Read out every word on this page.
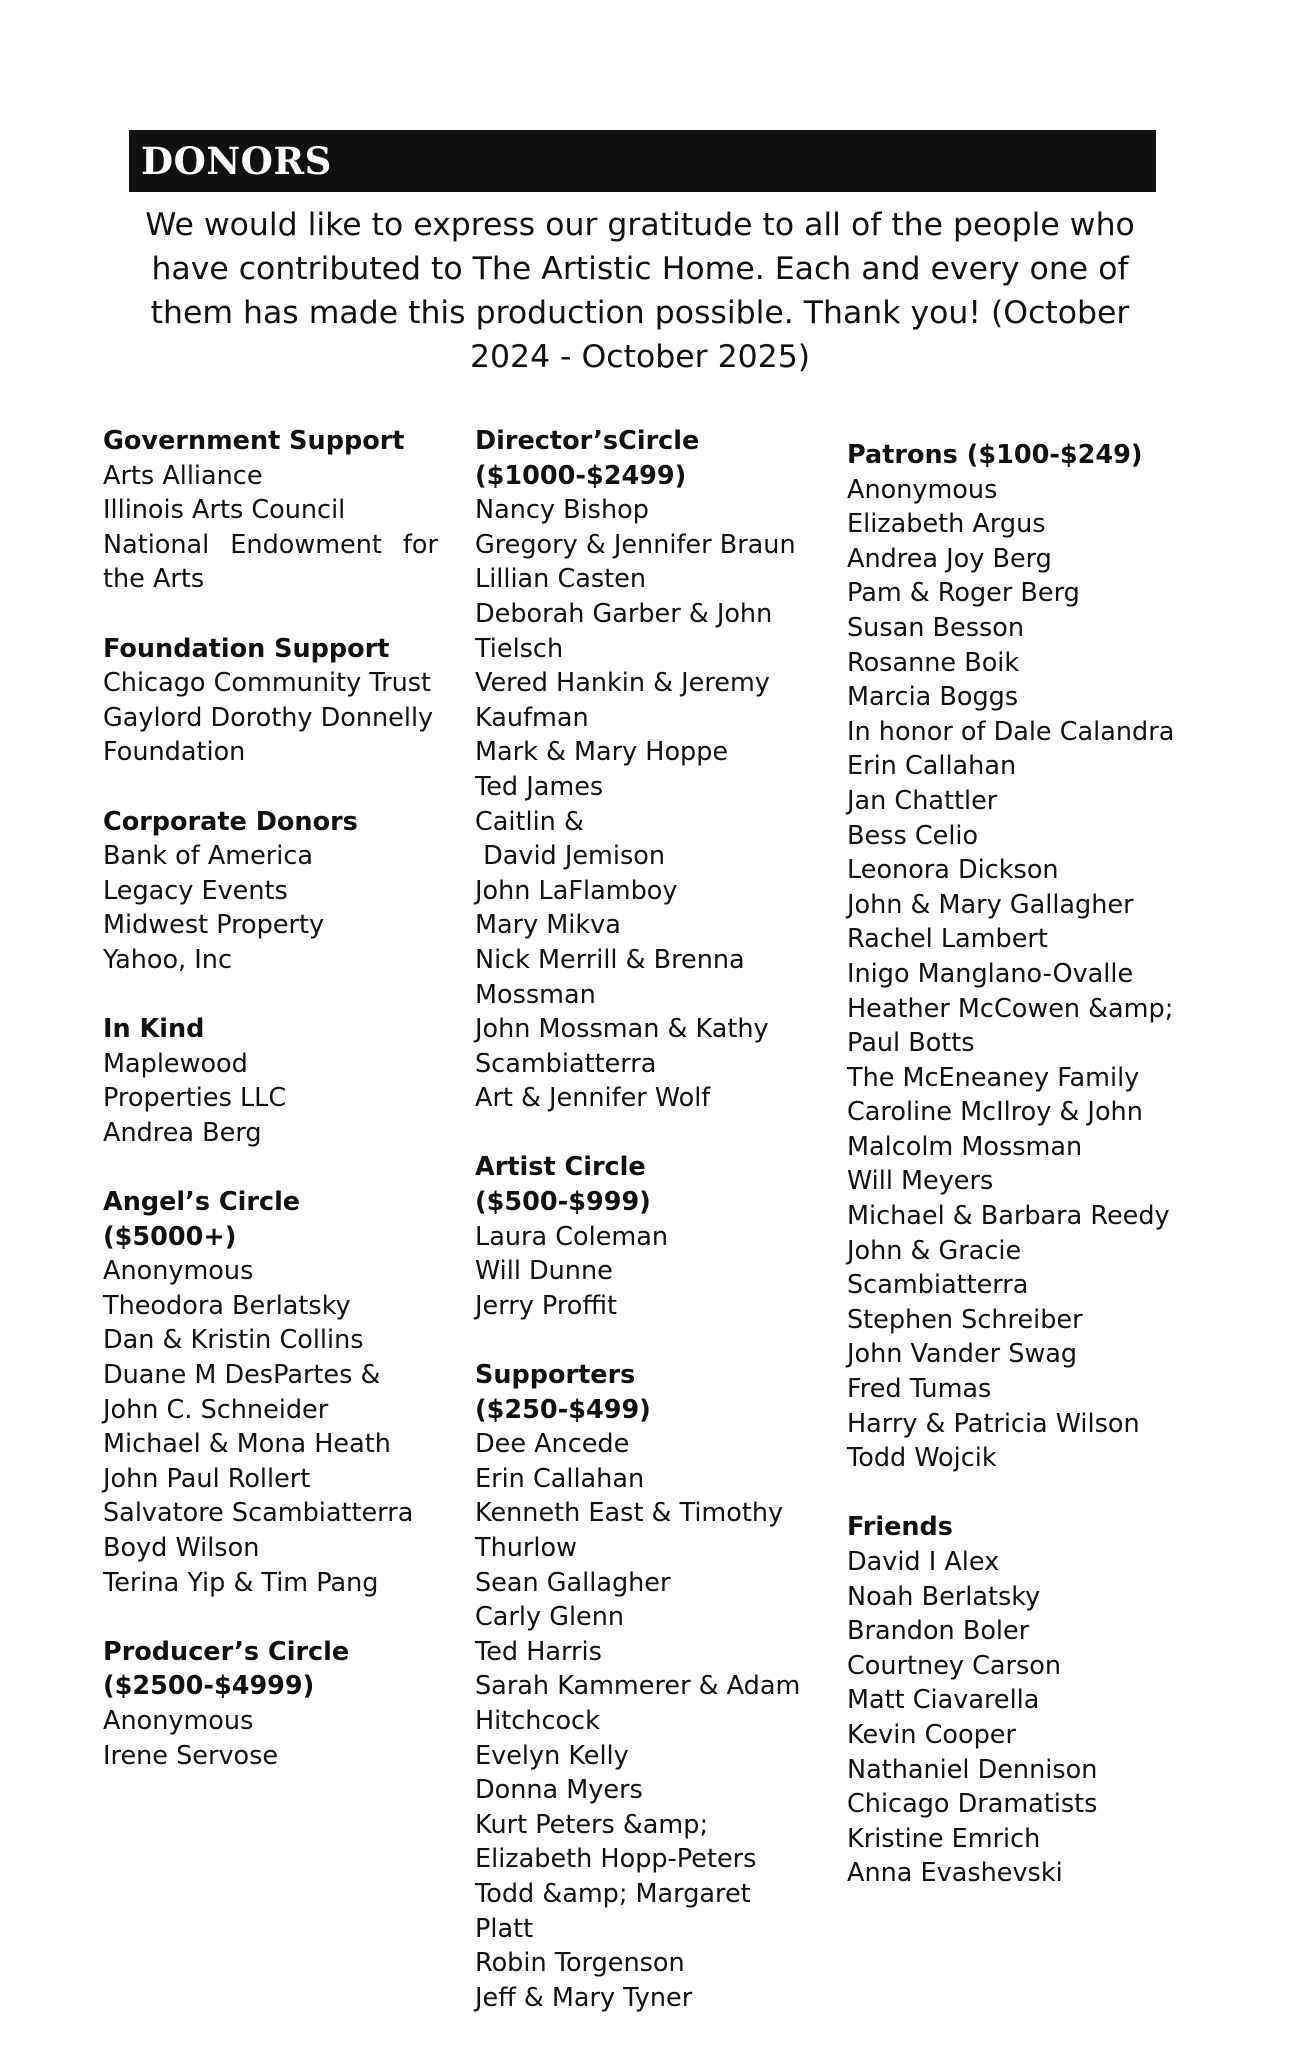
DONORS
We would like to express our gratitude to all of the people who have contributed to The Artistic Home. Each and every one of them has made this production possible. Thank you! (October 2024 - October 2025)
Government Support
Arts Alliance
Illinois Arts Council
National Endowment for the Arts
Foundation Support
Chicago Community Trust
Gaylord Dorothy Donnelly Foundation
Corporate Donors
Bank of America
Legacy Events
Midwest Property
Yahoo, Inc
In Kind
Maplewood
Properties LLC
Andrea Berg
Angel’s Circle ($5000+)
Anonymous
Theodora Berlatsky
Dan & Kristin Collins
Duane M DesPartes &
John C. Schneider
Michael & Mona Heath
John Paul Rollert
Salvatore Scambiatterra
Boyd Wilson
Terina Yip & Tim Pang
Producer’s Circle
($2500-$4999)
Anonymous
Irene Servose
Director’sCircle
($1000-$2499)
Nancy Bishop
Gregory & Jennifer Braun
Lillian Casten
Deborah Garber & John
Tielsch
Vered Hankin & Jeremy
Kaufman
Mark & Mary Hoppe
Ted James
Caitlin &
David Jemison
John LaFlamboy
Mary Mikva
Nick Merrill & Brenna
Mossman
John Mossman & Kathy
Scambiatterra
Art & Jennifer Wolf
Artist Circle ($500-$999)
Laura Coleman
Will Dunne
Jerry Proffit
Supporters ($250-$499)
Dee Ancede
Erin Callahan
Kenneth East & Timothy
Thurlow
Sean Gallagher
Carly Glenn
Ted Harris
Sarah Kammerer & Adam
Hitchcock
Evelyn Kelly
Donna Myers
Kurt Peters &amp;
Elizabeth Hopp-Peters
Todd &amp; Margaret
Platt
Robin Torgenson
Jeff & Mary Tyner
Patrons ($100-$249)
Anonymous
Elizabeth Argus
Andrea Joy Berg
Pam & Roger Berg
Susan Besson
Rosanne Boik
Marcia Boggs
In honor of Dale Calandra
Erin Callahan
Jan Chattler
Bess Celio
Leonora Dickson
John & Mary Gallagher
Rachel Lambert
Inigo Manglano-Ovalle
Heather McCowen &amp;
Paul Botts
The McEneaney Family
Caroline McIlroy & John
Malcolm Mossman
Will Meyers
Michael & Barbara Reedy
John & Gracie
Scambiatterra
Stephen Schreiber
John Vander Swag
Fred Tumas
Harry & Patricia Wilson
Todd Wojcik
Friends
David I Alex
Noah Berlatsky
Brandon Boler
Courtney Carson
Matt Ciavarella
Kevin Cooper
Nathaniel Dennison
Chicago Dramatists
Kristine Emrich
Anna Evashevski
